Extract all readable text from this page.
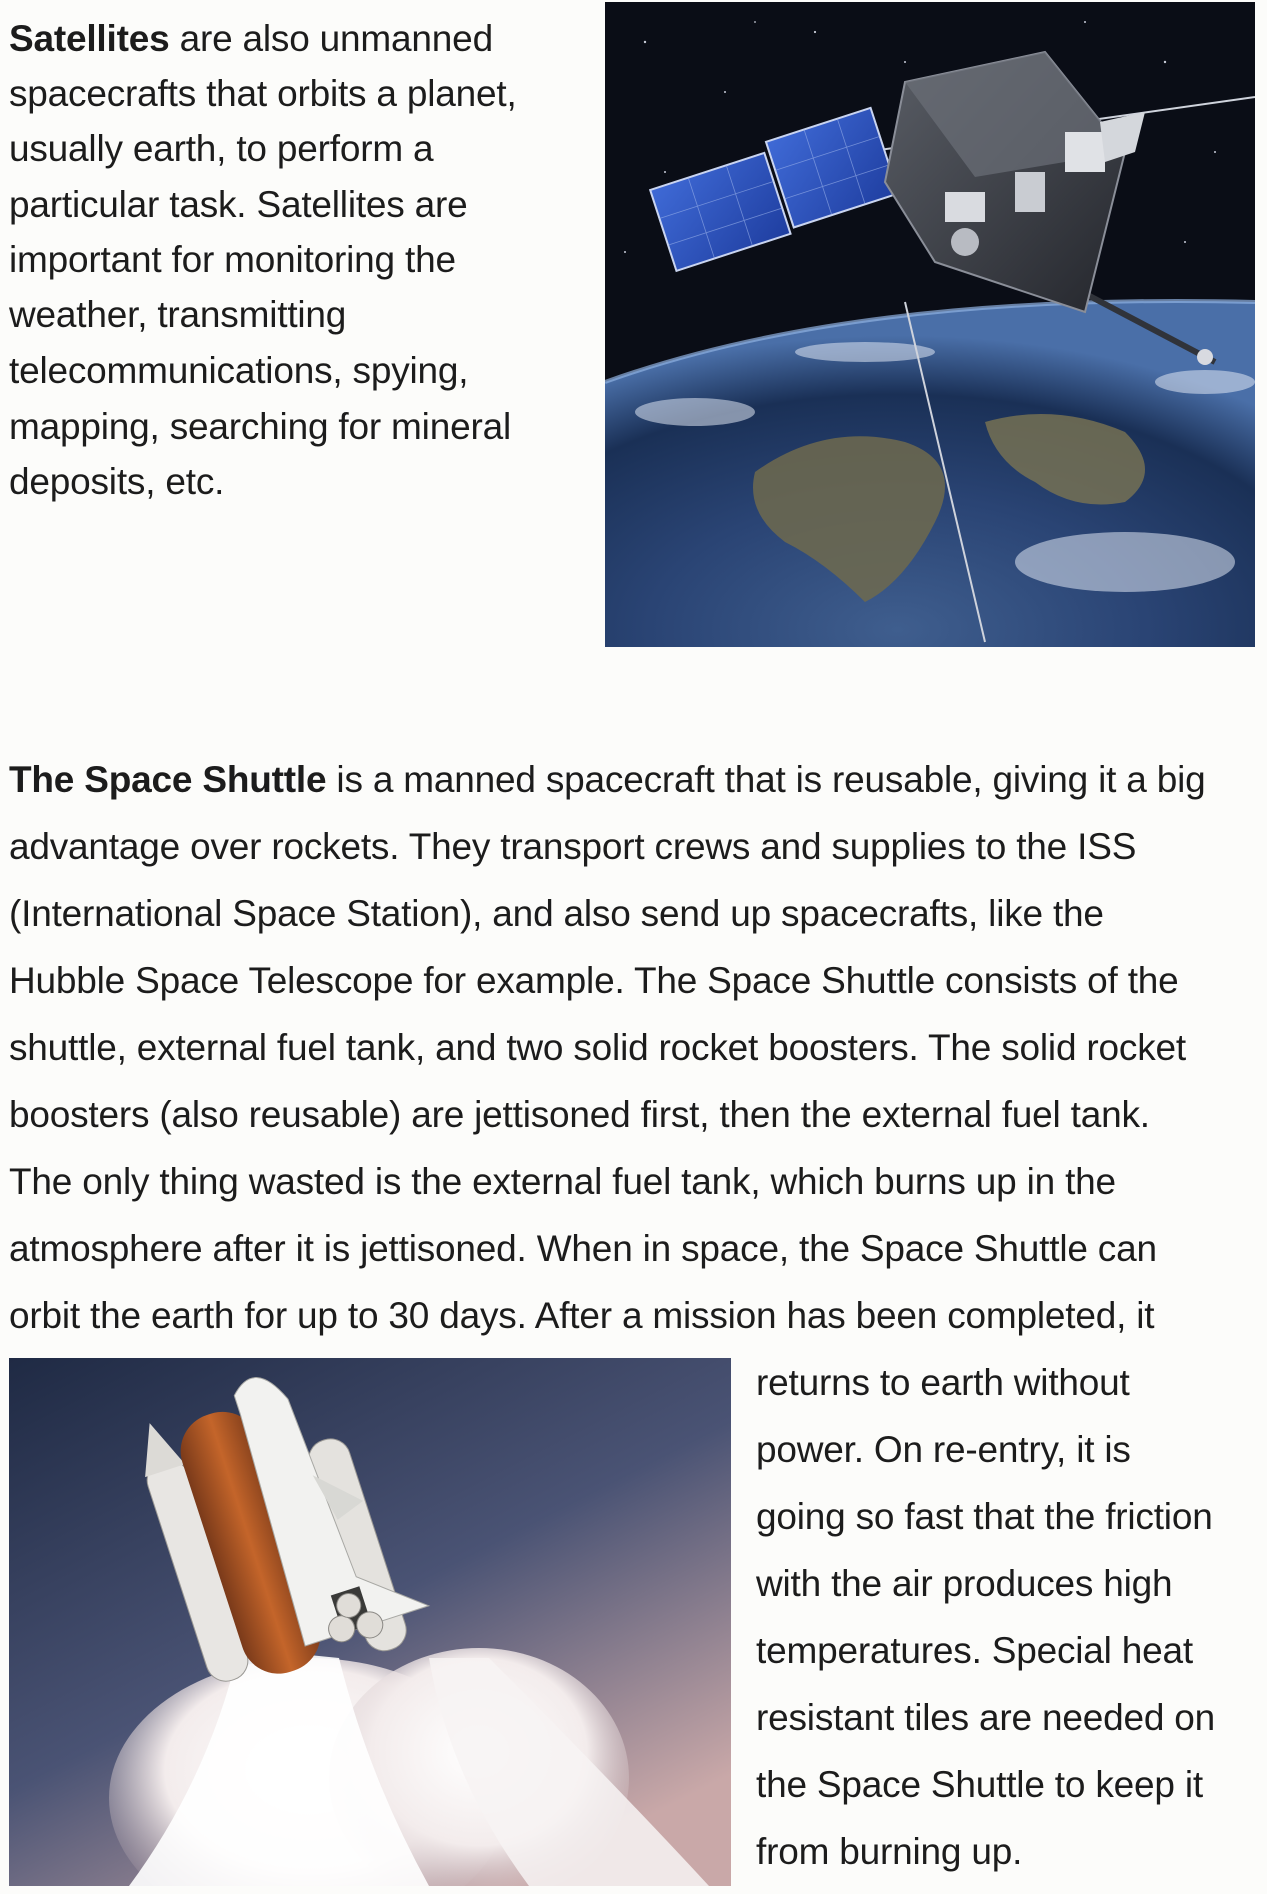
Satellites are also unmanned
spacecrafts that orbits a planet,
usually earth, to perform a
particular task. Satellites are
important for monitoring the
weather, transmitting
telecommunications, spying,
mapping, searching for mineral
deposits, etc.
The Space Shuttle is a manned spacecraft that is reusable, giving it a big
advantage over rockets. They transport crews and supplies to the ISS
(International Space Station), and also send up spacecrafts, like the
Hubble Space Telescope for example. The Space Shuttle consists of the
shuttle, external fuel tank, and two solid rocket boosters. The solid rocket
boosters (also reusable) are jettisoned first, then the external fuel tank.
The only thing wasted is the external fuel tank, which burns up in the
atmosphere after it is jettisoned. When in space, the Space Shuttle can
orbit the earth for up to 30 days. After a mission has been completed, it
returns to earth without
power. On re-entry, it is
going so fast that the friction
with the air produces high
temperatures. Special heat
resistant tiles are needed on
the Space Shuttle to keep it
from burning up.
